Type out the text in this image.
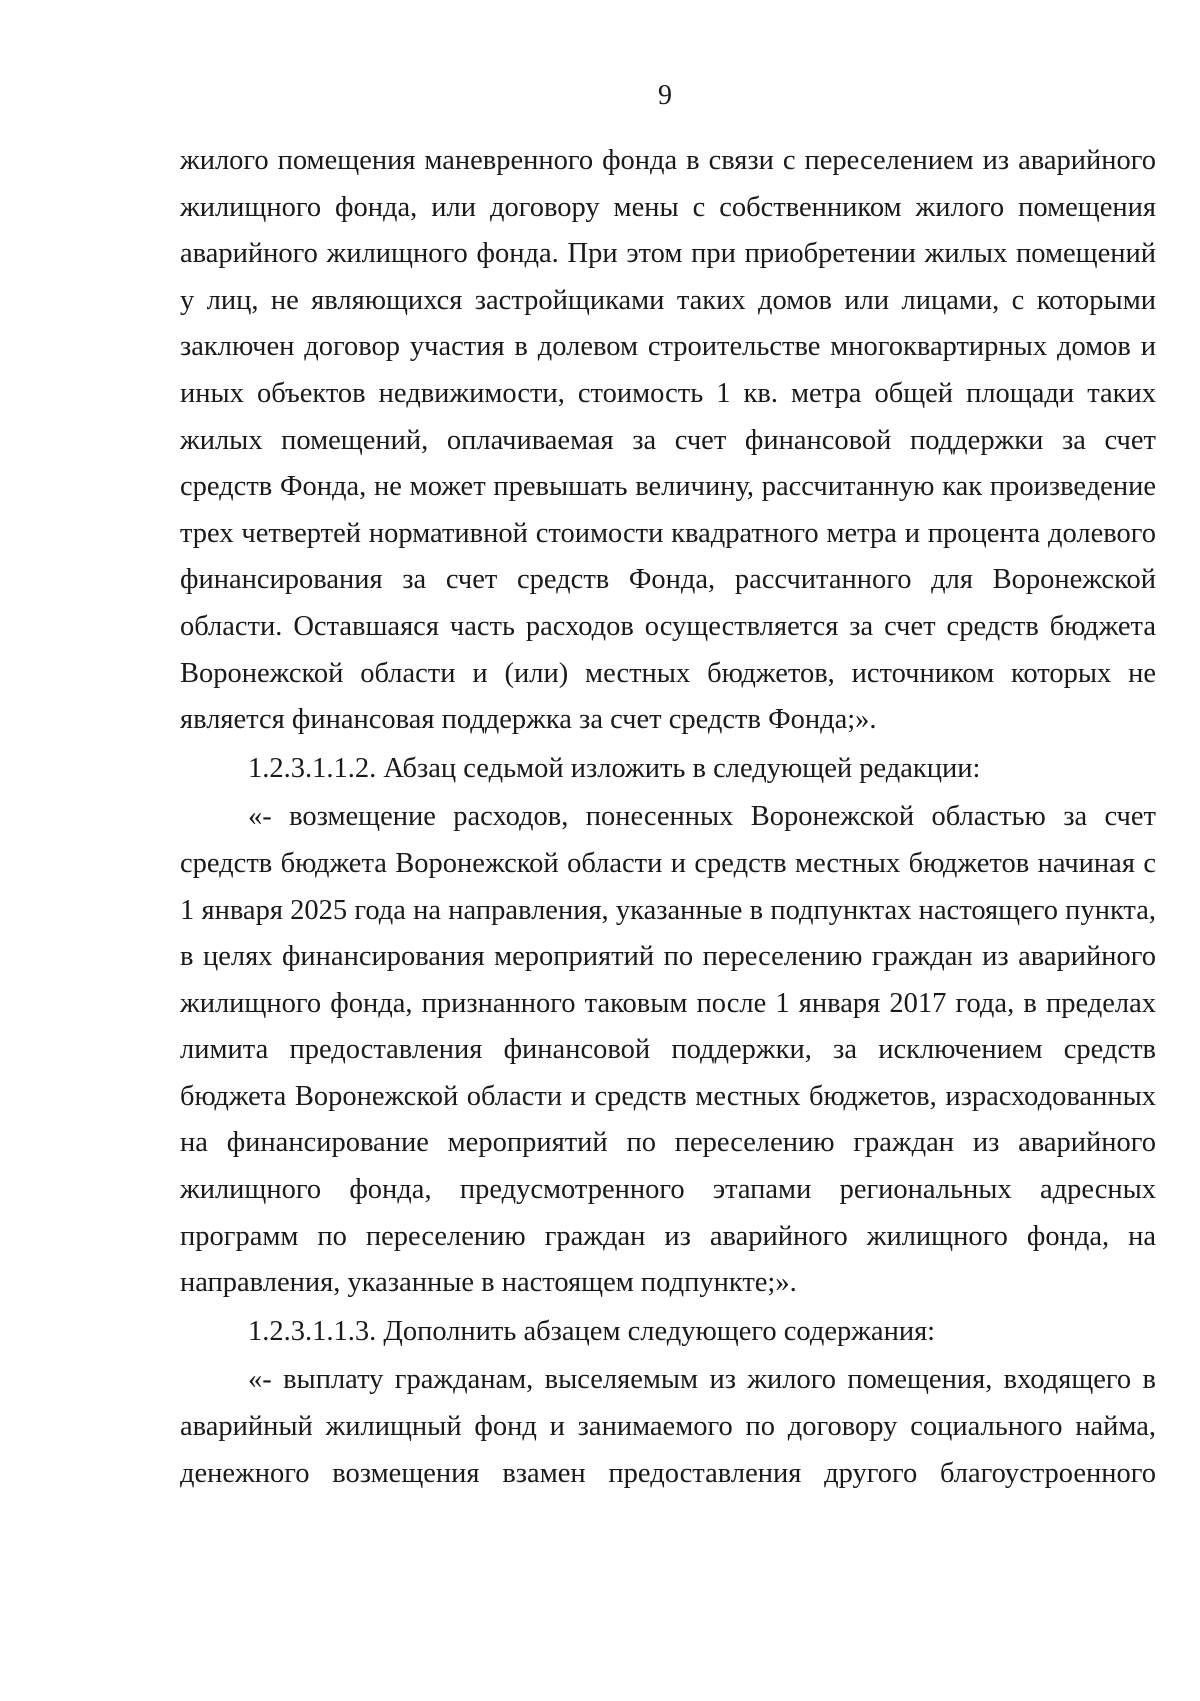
9

жилого помещения маневренного фонда в связи с переселением из аварийного жилищного фонда, или договору мены с собственником жилого помещения аварийного жилищного фонда. При этом при приобретении жилых помещений у лиц, не являющихся застройщиками таких домов или лицами, с которыми заключен договор участия в долевом строительстве многоквартирных домов и иных объектов недвижимости, стоимость 1 кв. метра общей площади таких жилых помещений, оплачиваемая за счет финансовой поддержки за счет средств Фонда, не может превышать величину, рассчитанную как произведение трех четвертей нормативной стоимости квадратного метра и процента долевого финансирования за счет средств Фонда, рассчитанного для Воронежской области. Оставшаяся часть расходов осуществляется за счет средств бюджета Воронежской области и (или) местных бюджетов, источником которых не является финансовая поддержка за счет средств Фонда;».

1.2.3.1.1.2. Абзац седьмой изложить в следующей редакции:

«- возмещение расходов, понесенных Воронежской областью за счет средств бюджета Воронежской области и средств местных бюджетов начиная с 1 января 2025 года на направления, указанные в подпунктах настоящего пункта, в целях финансирования мероприятий по переселению граждан из аварийного жилищного фонда, признанного таковым после 1 января 2017 года, в пределах лимита предоставления финансовой поддержки, за исключением средств бюджета Воронежской области и средств местных бюджетов, израсходованных на финансирование мероприятий по переселению граждан из аварийного жилищного фонда, предусмотренного этапами региональных адресных программ по переселению граждан из аварийного жилищного фонда, на направления, указанные в настоящем подпункте;».

1.2.3.1.1.3. Дополнить абзацем следующего содержания:

«- выплату гражданам, выселяемым из жилого помещения, входящего в аварийный жилищный фонд и занимаемого по договору социального найма, денежного возмещения взамен предоставления другого благоустроенного
